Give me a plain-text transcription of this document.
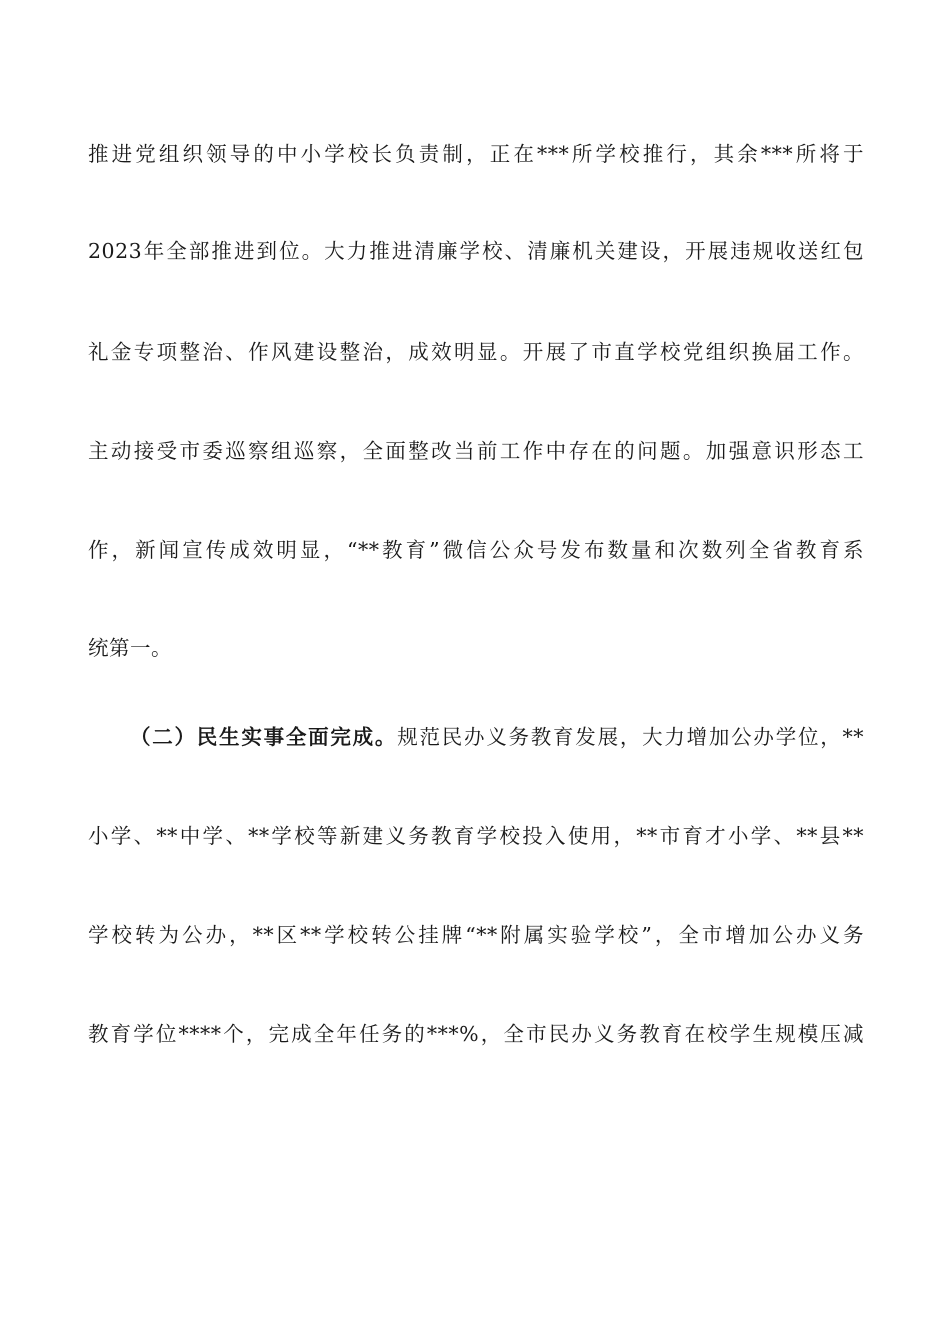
推进党组织领导的中小学校长负责制，正在***所学校推行，其余***所将于
2023年全部推进到位。大力推进清廉学校、清廉机关建设，开展违规收送红包
礼金专项整治、作风建设整治，成效明显。开展了市直学校党组织换届工作。
主动接受市委巡察组巡察，全面整改当前工作中存在的问题。加强意识形态工
作，新闻宣传成效明显，“**教育”微信公众号发布数量和次数列全省教育系
统第一。
（二）民生实事全面完成。规范民办义务教育发展，大力增加公办学位，**
小学、**中学、**学校等新建义务教育学校投入使用，**市育才小学、**县**
学校转为公办，**区**学校转公挂牌“**附属实验学校”，全市增加公办义务
教育学位****个，完成全年任务的***%，全市民办义务教育在校学生规模压减
